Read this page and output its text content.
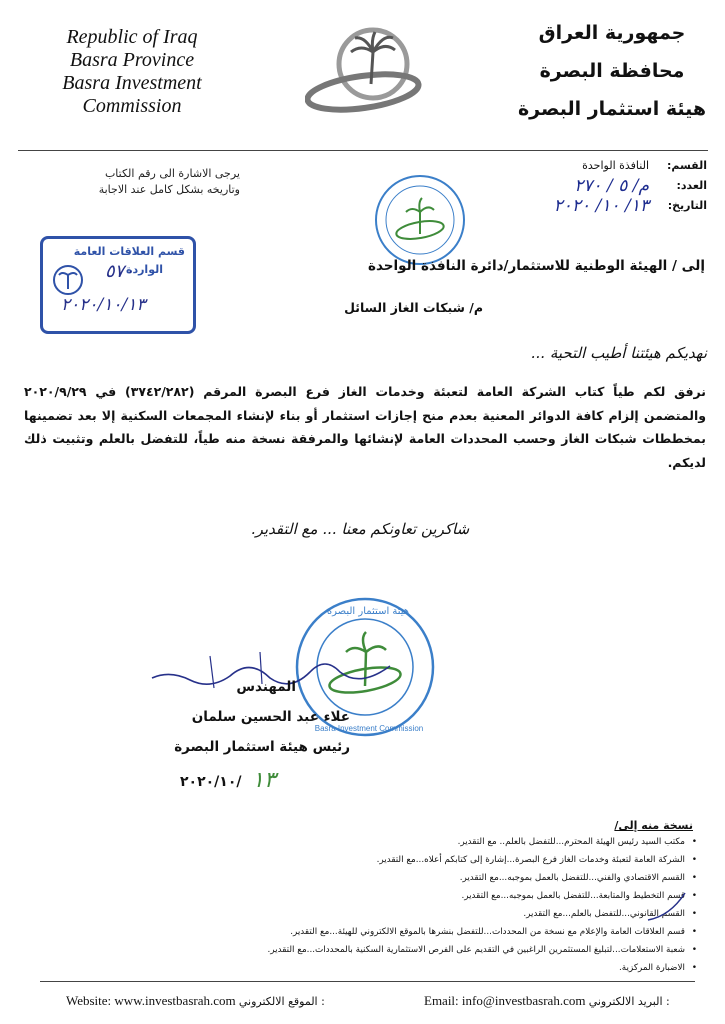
Republic of Iraq
Basra Province
Basra Investment Commission
جمهورية العراق
محافظة البصرة
هيئة استثمار البصرة
يرجى الاشارة الى رقم الكتاب
وتاريخه بشكل كامل عند الاجابة
القسم:
النافذة الواحدة
العدد:
م/ ٥ / ٢٧٠
التاريخ:
١٣/ ١٠/ ٢٠٢٠
قسم العلاقات العامة
الواردة
٥٧٠
٢٠٢٠/١٠/١٣
إلى / الهيئة الوطنية للاستثمار/دائرة النافذة الواحدة
م/ شبكات الغاز السائل
نهديكم هيئتنا أطيب التحية ...
نرفق لكم طياً كتاب الشركة العامة لتعبئة وخدمات الغاز فرع البصرة المرقم (٣٧٤٢/٢٨٢) في ٢٠٢٠/٩/٢٩ والمتضمن إلزام كافة الدوائر المعنية بعدم منح إجازات استثمار أو بناء لإنشاء المجمعات السكنية إلا بعد تضمينها بمخططات شبكات الغاز وحسب المحددات العامة لإنشائها والمرفقة نسخة منه طياً، للتفضل بالعلم وتثبيت ذلك لديكم.
شاكرين تعاونكم معنا ... مع التقدير.
هيئة استثمار البصرة
Basra Investment Commission
المهندس
علاء عبد الحسين سلمان
رئيس هيئة استثمار البصرة
٢٠٢٠/١٠/ ١٣
نسخة منه إلى/
• مكتب السيد رئيس الهيئة المحترم...للتفضل بالعلم.. مع التقدير.
• الشركة العامة لتعبئة وخدمات الغاز فرع البصرة...إشارة إلى كتابكم أعلاه...مع التقدير.
• القسم الاقتصادي والفني...للتفضل بالعمل بموجبه...مع التقدير.
• قسم التخطيط والمتابعة...للتفضل بالعمل بموجبه...مع التقدير.
• القسم القانوني...للتفضل بالعلم...مع التقدير.
• قسم العلاقات العامة والإعلام مع نسخة من المحددات...للتفضل بنشرها بالموقع الالكتروني للهيئة...مع التقدير.
• شعبة الاستعلامات...لتبليغ المستثمرين الراغبين في التقديم على الفرص الاستثمارية السكنية بالمحددات...مع التقدير.
• الاضبارة المركزية.
Website: www.investbasrah.com الموقع الالكتروني :	Email: info@investbasrah.com البريد الالكتروني :
